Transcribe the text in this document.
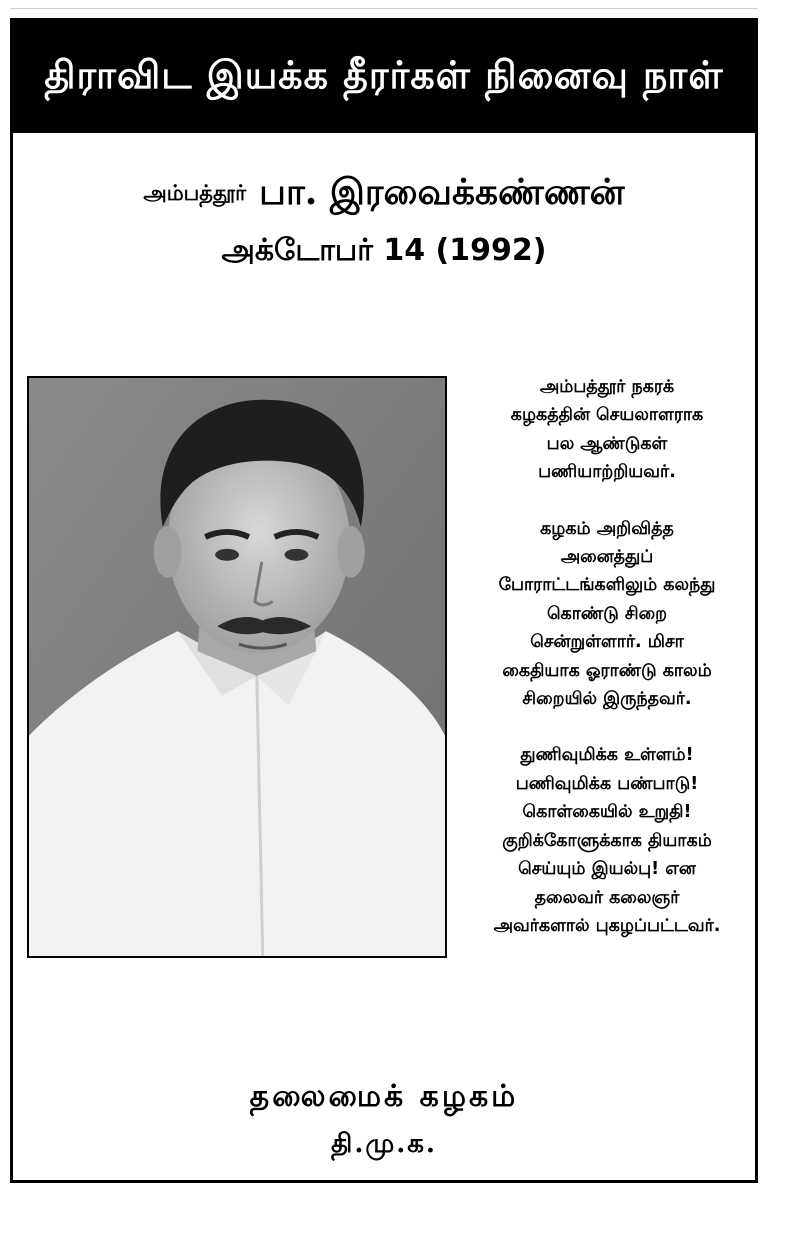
திராவிட இயக்க தீரர்கள் நினைவு நாள்
அம்பத்தூர் பா. இரவைக்கண்ணன்
அக்டோபர் 14 (1992)

அம்பத்தூர் நகரக்

கழகத்தின் செயலாளராக

பல ஆண்டுகள்

பணியாற்றியவர்.

கழகம் அறிவித்த

அனைத்துப்

போராட்டங்களிலும் கலந்து

கொண்டு சிறை

சென்றுள்ளார். மிசா

கைதியாக ஓராண்டு காலம்

சிறையில் இருந்தவர்.

துணிவுமிக்க உள்ளம்!

பணிவுமிக்க பண்பாடு!

கொள்கையில் உறுதி!

குறிக்கோளுக்காக தியாகம்

செய்யும் இயல்பு! என

தலைவர் கலைஞர்

அவர்களால் புகழப்பட்டவர்.

தலைமைக் கழகம்
தி.மு.க.
